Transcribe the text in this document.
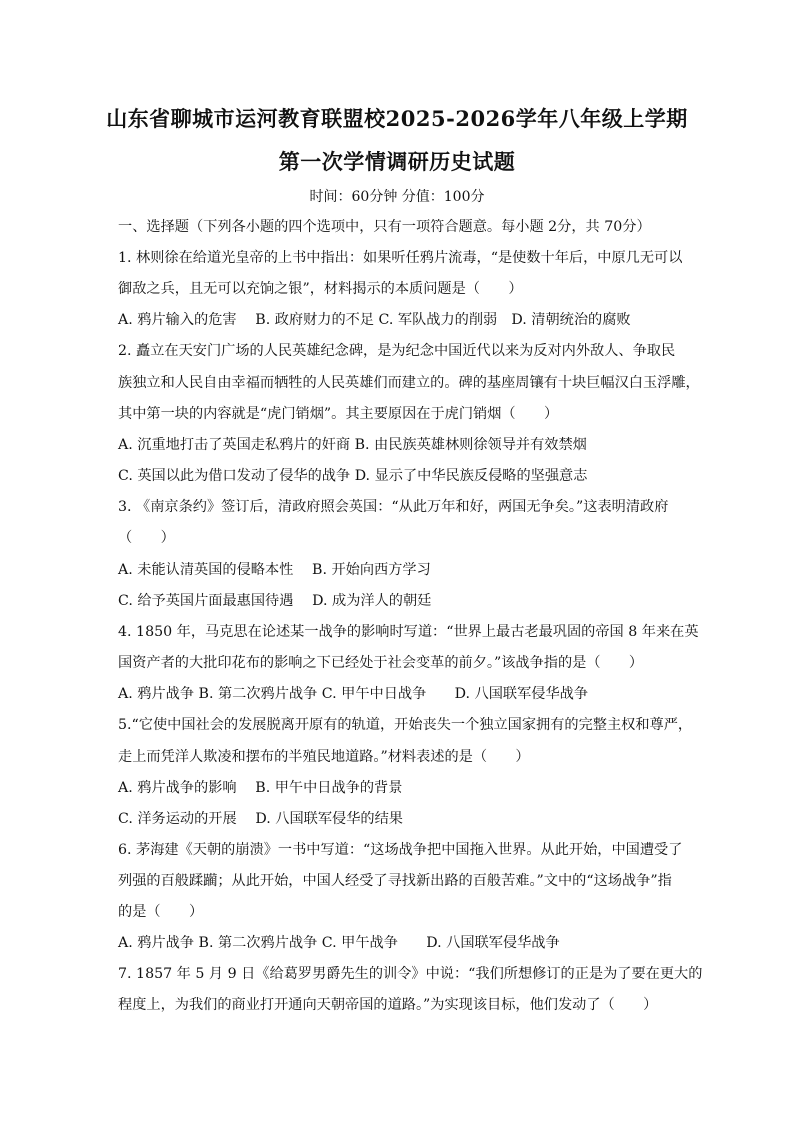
山东省聊城市运河教育联盟校2025-2026学年八年级上学期
第一次学情调研历史试题
时间：60分钟 分值：100分
一、选择题（下列各小题的四个选项中，只有一项符合题意。每小题 2分，共 70分）
1. 林则徐在给道光皇帝的上书中指出：如果听任鸦片流毒，“是使数十年后，中原几无可以
御敌之兵，且无可以充饷之银”，材料揭示的本质问题是（　　）
A. 鸦片输入的危害　 B. 政府财力的不足 C. 军队战力的削弱　D. 清朝统治的腐败
2. 矗立在天安门广场的人民英雄纪念碑，是为纪念中国近代以来为反对内外敌人、争取民
族独立和人民自由幸福而牺牲的人民英雄们而建立的。碑的基座周镶有十块巨幅汉白玉浮雕，
其中第一块的内容就是“虎门销烟”。其主要原因在于虎门销烟（　　）
A. 沉重地打击了英国走私鸦片的奸商 B. 由民族英雄林则徐领导并有效禁烟
C. 英国以此为借口发动了侵华的战争 D. 显示了中华民族反侵略的坚强意志
3. 《南京条约》签订后，清政府照会英国：“从此万年和好，两国无争矣。”这表明清政府
（　　）
A. 未能认清英国的侵略本性　 B. 开始向西方学习
C. 给予英国片面最惠国待遇　 D. 成为洋人的朝廷
4. 1850 年，马克思在论述某一战争的影响时写道：“世界上最古老最巩固的帝国 8 年来在英
国资产者的大批印花布的影响之下已经处于社会变革的前夕。”该战争指的是（　　）
A. 鸦片战争 B. 第二次鸦片战争 C. 甲午中日战争　　D. 八国联军侵华战争
5.“它使中国社会的发展脱离开原有的轨道，开始丧失一个独立国家拥有的完整主权和尊严，
走上而凭洋人欺凌和摆布的半殖民地道路。”材料表述的是（　　）
A. 鸦片战争的影响　 B. 甲午中日战争的背景
C. 洋务运动的开展　 D. 八国联军侵华的结果
6. 茅海建《天朝的崩溃》一书中写道：“这场战争把中国拖入世界。从此开始，中国遭受了
列强的百般蹂躏；从此开始，中国人经受了寻找新出路的百般苦难。”文中的“这场战争”指
的是（　　）
A. 鸦片战争 B. 第二次鸦片战争 C. 甲午战争　　D. 八国联军侵华战争
7. 1857 年 5 月 9 日《给葛罗男爵先生的训令》中说：“我们所想修订的正是为了要在更大的
程度上，为我们的商业打开通向天朝帝国的道路。”为实现该目标，他们发动了（　　）
